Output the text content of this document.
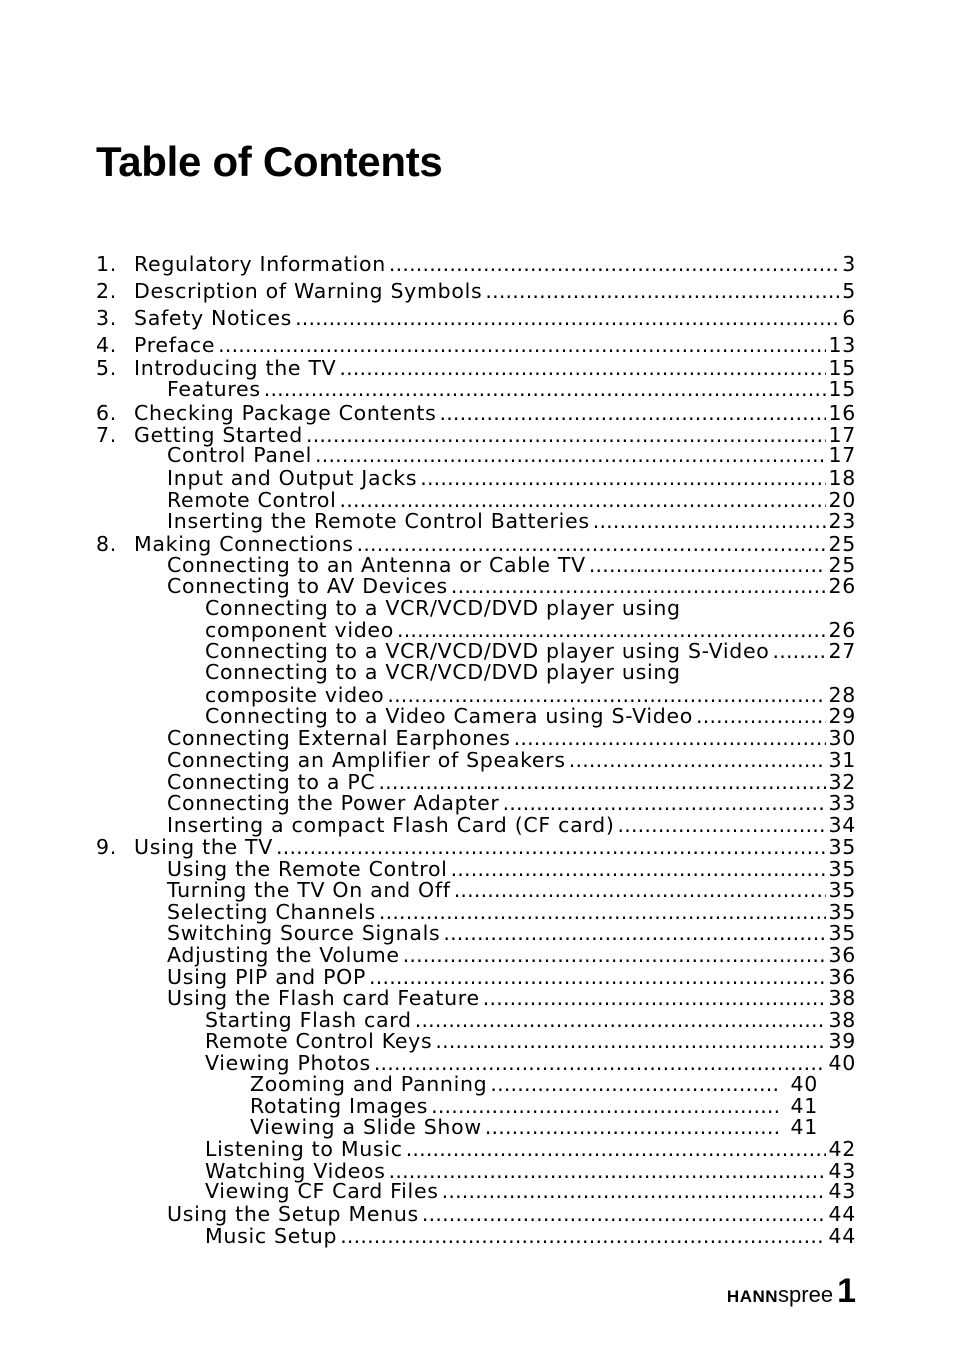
Table of Contents
1. Regulatory Information .....	3
2. Description of Warning Symbols .....	5
3. Safety Notices .....	6
4. Preface .....	13
5. Introducing the TV .....	15
Features .....	15
6. Checking Package Contents .....	16
7. Getting Started .....	17
Control Panel .....	17
Input and Output Jacks .....	18
Remote Control .....	20
Inserting the Remote Control Batteries .....	23
8. Making Connections .....	25
Connecting to an Antenna or Cable TV .....	25
Connecting to AV Devices .....	26
Connecting to a VCR/VCD/DVD player using
component video .....	26
Connecting to a VCR/VCD/DVD player using S-Video .....	27
Connecting to a VCR/VCD/DVD player using
composite video .....	28
Connecting to a Video Camera using S-Video .....	29
Connecting External Earphones .....	30
Connecting an Amplifier of Speakers .....	31
Connecting to a PC .....	32
Connecting the Power Adapter .....	33
Inserting a compact Flash Card (CF card) .....	34
9. Using the TV .....	35
Using the Remote Control .....	35
Turning the TV On and Off .....	35
Selecting Channels .....	35
Switching Source Signals .....	35
Adjusting the Volume .....	36
Using PIP and POP .....	36
Using the Flash card Feature .....	38
Starting Flash card .....	38
Remote Control Keys .....	39
Viewing Photos .....	40
Zooming and Panning .....	40
Rotating Images .....	41
Viewing a Slide Show .....	41
Listening to Music .....	42
Watching Videos .....	43
Viewing CF Card Files .....	43
Using the Setup Menus .....	44
Music Setup .....	44
HANN spree 1
